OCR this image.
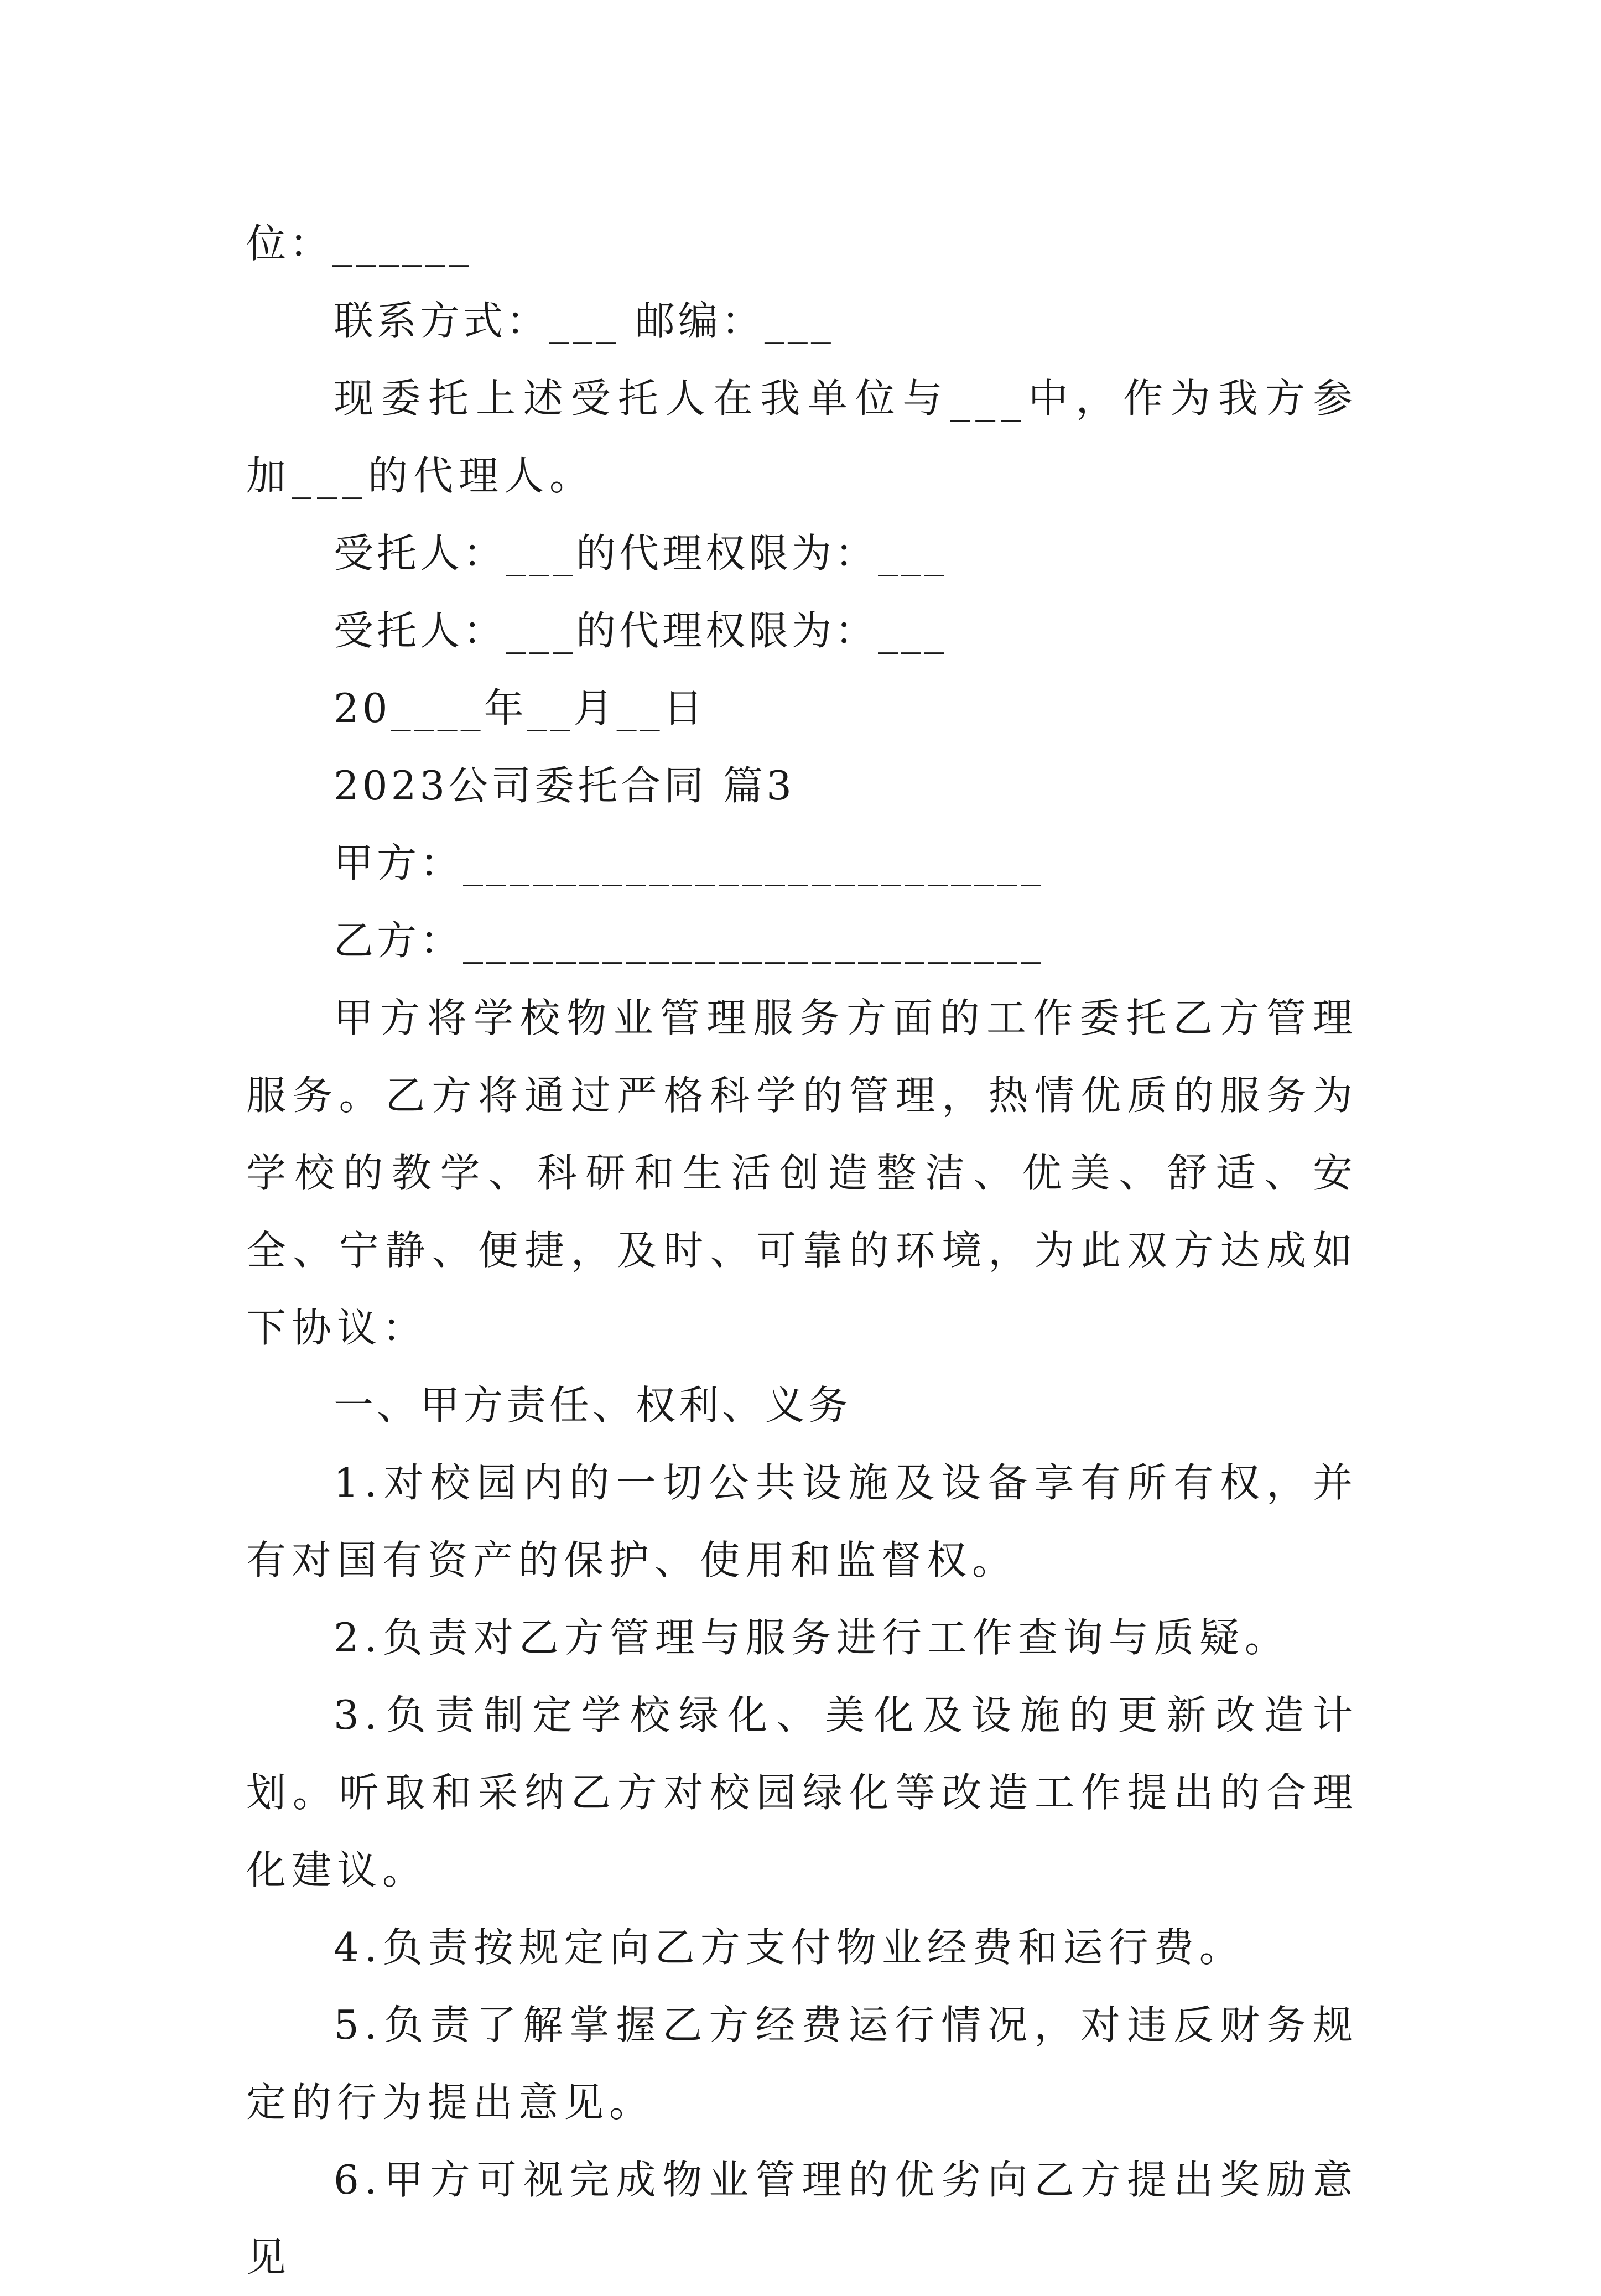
位：______
联系方式：___ 邮编：___
现委托上述受托人在我单位与___中，作为我方参加___的代理人。
受托人：___的代理权限为：___
受托人：___的代理权限为：___
20____年__月__日
2023公司委托合同 篇3
甲方：_________________________
乙方：_________________________
甲方将学校物业管理服务方面的工作委托乙方管理服务。乙方将通过严格科学的管理，热情优质的服务为学校的教学、科研和生活创造整洁、优美、舒适、安全、宁静、便捷，及时、可靠的环境，为此双方达成如下协议：
一、甲方责任、权利、义务
1.对校园内的一切公共设施及设备享有所有权，并有对国有资产的保护、使用和监督权。
2.负责对乙方管理与服务进行工作查询与质疑。
3.负责制定学校绿化、美化及设施的更新改造计划。听取和采纳乙方对校园绿化等改造工作提出的合理化建议。
4.负责按规定向乙方支付物业经费和运行费。
5.负责了解掌握乙方经费运行情况，对违反财务规定的行为提出意见。
6.甲方可视完成物业管理的优劣向乙方提出奖励意见
